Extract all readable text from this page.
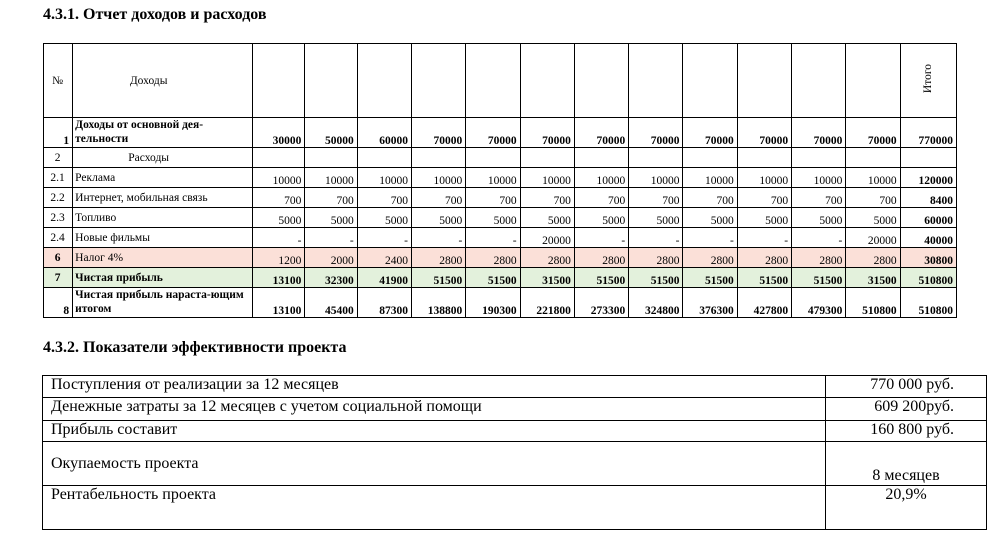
4.3.1. Отчет доходов и расходов
№	Доходы													Итого
1	Доходы от основной дея-тельности	30000	50000	60000	70000	70000	70000	70000	70000	70000	70000	70000	70000	770000
2	Расходы													
2.1	Реклама	10000	10000	10000	10000	10000	10000	10000	10000	10000	10000	10000	10000	120000
2.2	Интернет, мобильная связь	700	700	700	700	700	700	700	700	700	700	700	700	8400
2.3	Топливо	5000	5000	5000	5000	5000	5000	5000	5000	5000	5000	5000	5000	60000
2.4	Новые фильмы	-	-	-	-	-	20000	-	-	-	-	-	20000	40000
6	Налог 4%	1200	2000	2400	2800	2800	2800	2800	2800	2800	2800	2800	2800	30800
7	Чистая прибыль	13100	32300	41900	51500	51500	31500	51500	51500	51500	51500	51500	31500	510800
8	Чистая прибыль нараста-ющим итогом	13100	45400	87300	138800	190300	221800	273300	324800	376300	427800	479300	510800	510800
4.3.2. Показатели эффективности проекта
Поступления от реализации за 12 месяцев	770 000 руб.
Денежные затраты за 12 месяцев с учетом социальной помощи	609 200руб.
Прибыль составит	160 800 руб.
Окупаемость проекта	8 месяцев
Рентабельность проекта	20,9%
